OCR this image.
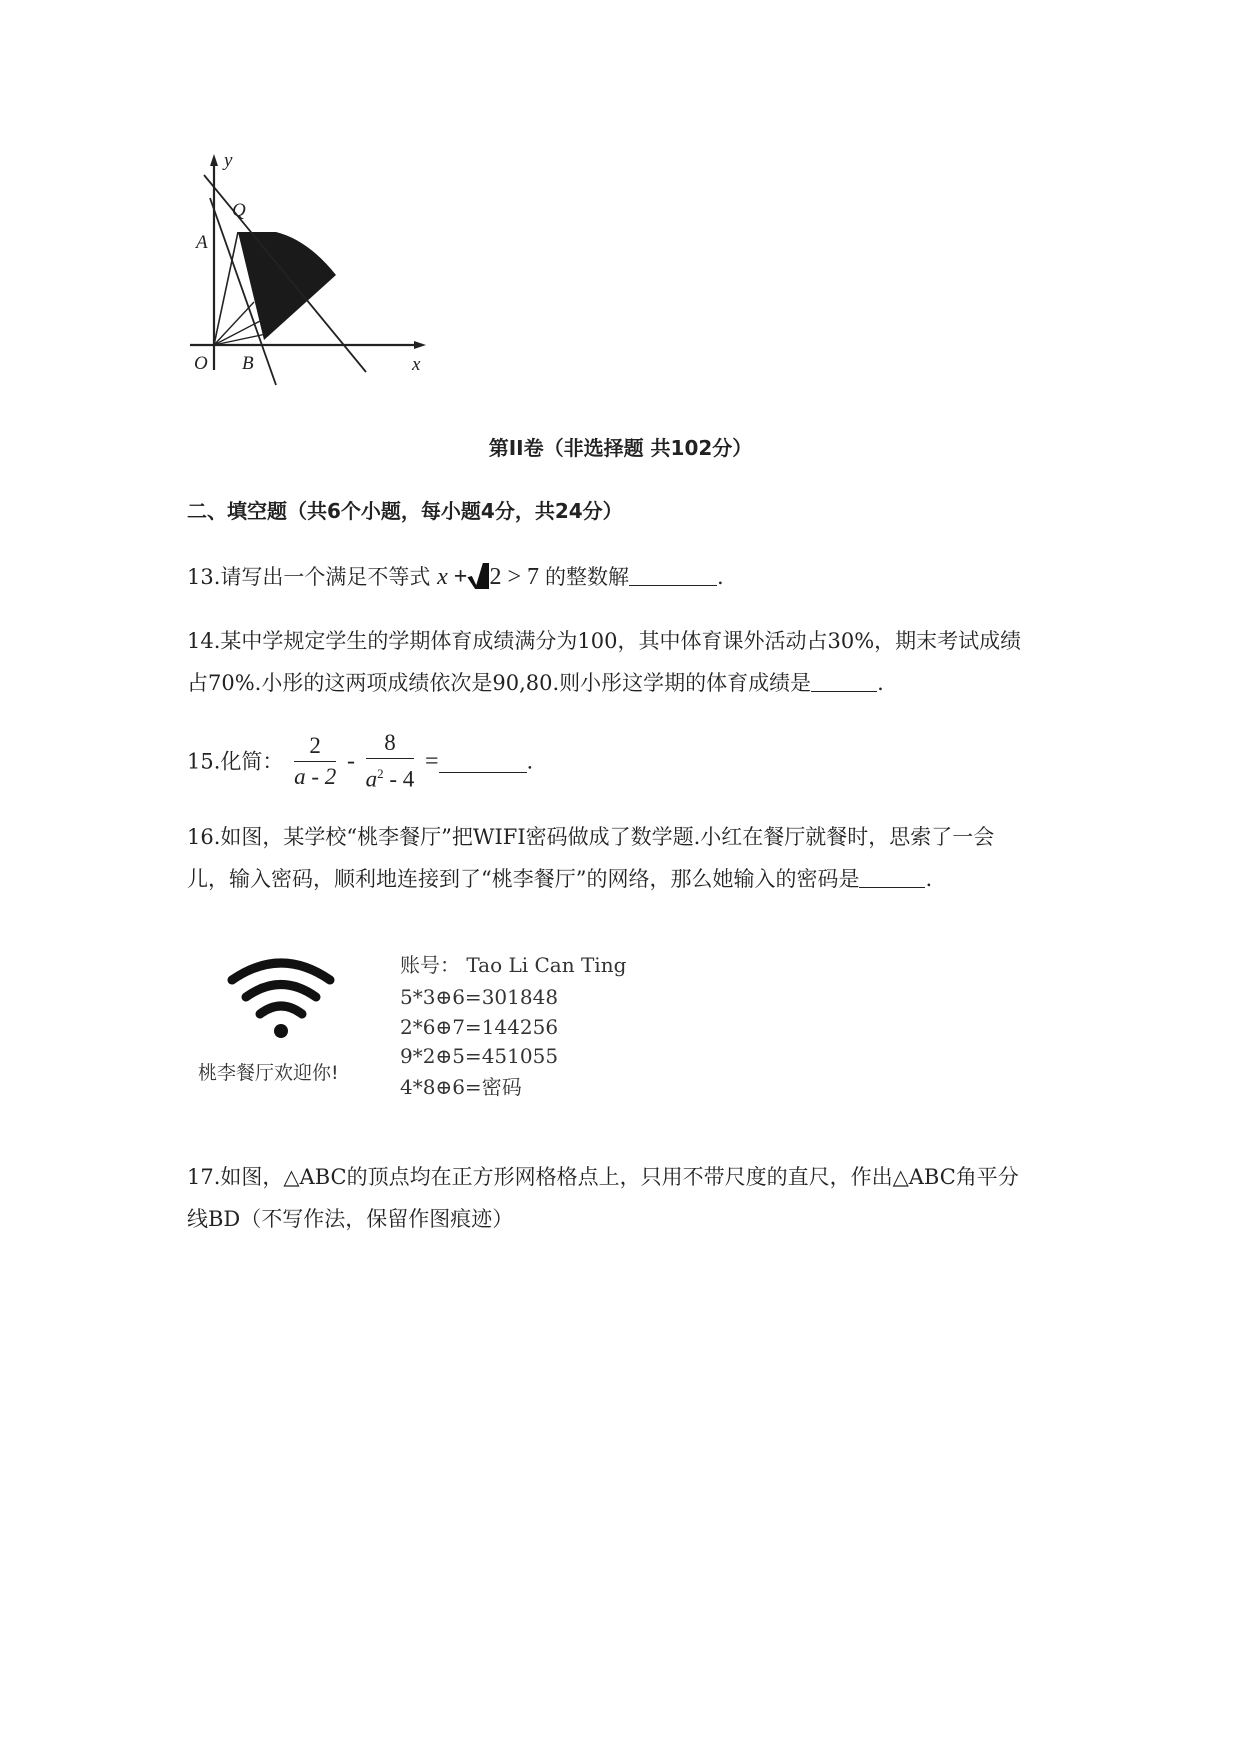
y
x
Q
A
O B
第II卷（非选择题 共102分）
二、填空题（共6个小题，每小题4分，共24分）
13.请写出一个满足不等式 x + 2 > 7 的整数解	.
14.某中学规定学生的学期体育成绩满分为100，其中体育课外活动占30%，期末考试成绩
占70%.小彤的这两项成绩依次是90,80.则小彤这学期的体育成绩是	.
15.化简： $\frac{2}{a - 2} - \frac{8}{a^2 - 4}$ =	.
16.如图，某学校“桃李餐厅”把WIFI密码做成了数学题.小红在餐厅就餐时，思索了一会
儿，输入密码，顺利地连接到了“桃李餐厅”的网络，那么她输入的密码是	.
桃李餐厅欢迎你!
账号： Tao Li Can Ting
5*3⊕6=301848
2*6⊕7=144256
9*2⊕5=451055
4*8⊕6=密码
17.如图，△ABC的顶点均在正方形网格格点上，只用不带尺度的直尺，作出△ABC角平分
线BD（不写作法，保留作图痕迹）
